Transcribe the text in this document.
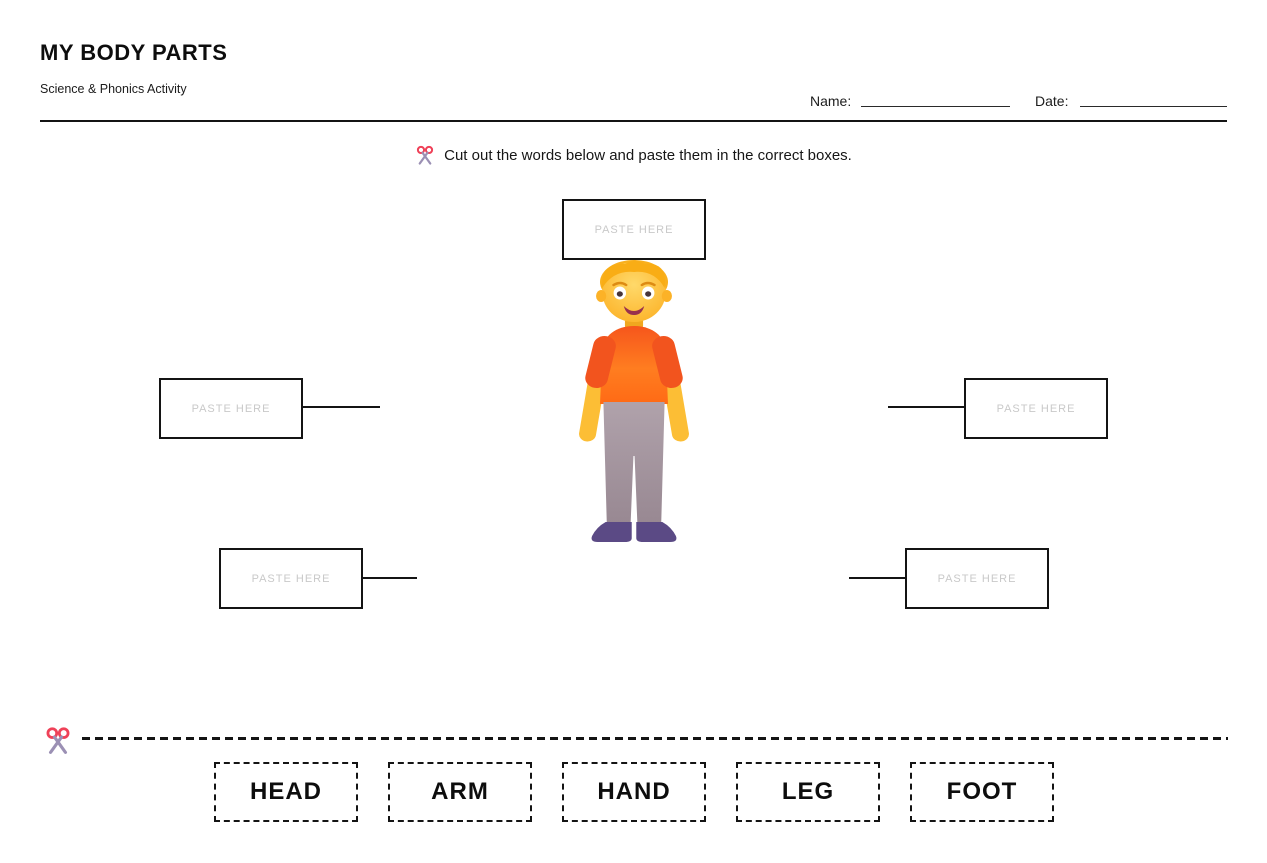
MY BODY PARTS
Science & Phonics Activity
Name:	Date:
Cut out the words below and paste them in the correct boxes.
PASTE HERE
PASTE HERE	PASTE HERE
PASTE HERE	PASTE HERE
HEAD	ARM	HAND	LEG	FOOT
